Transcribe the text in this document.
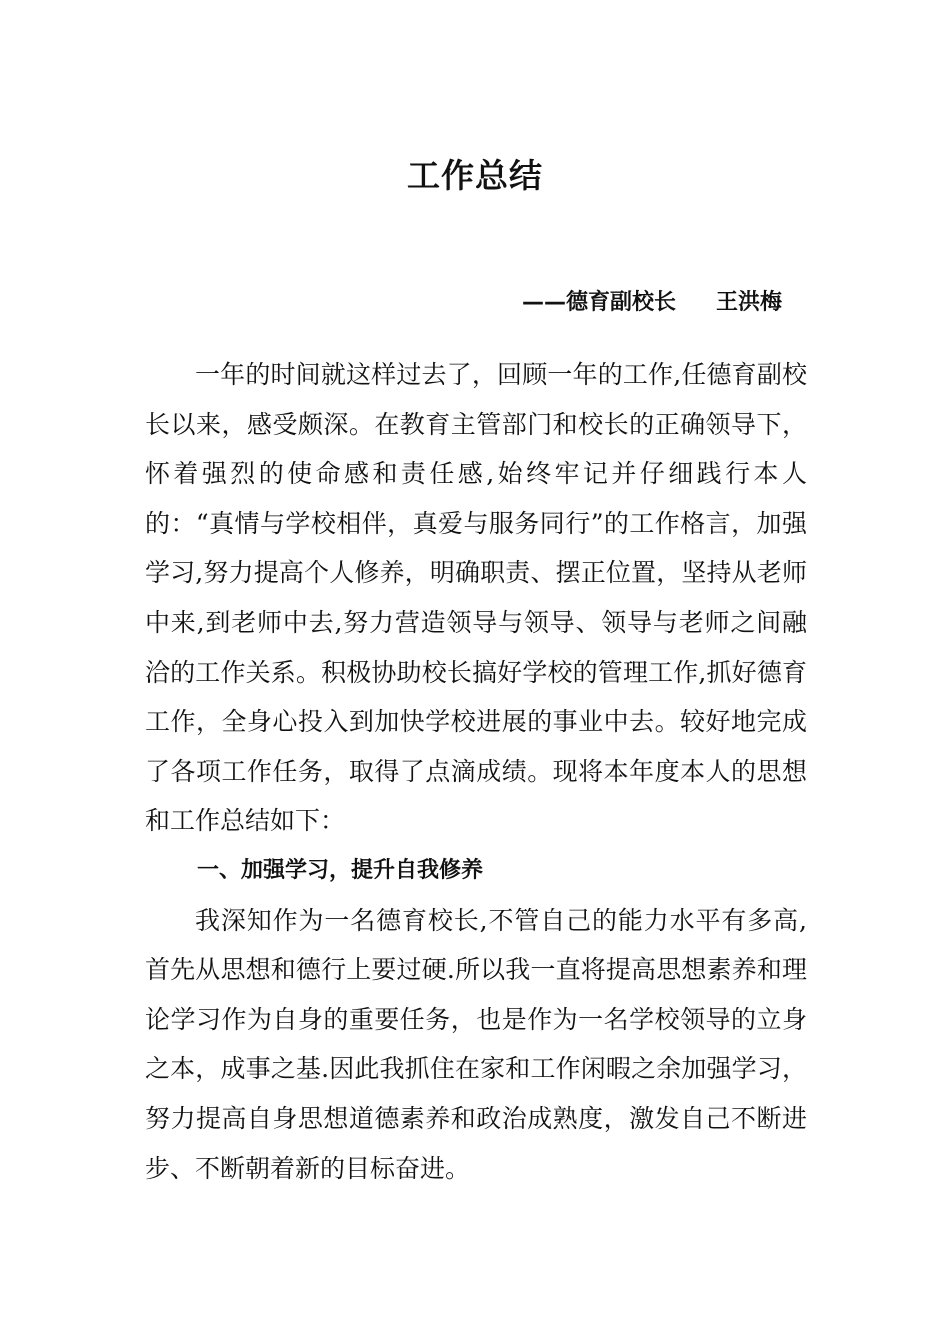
工作总结
——德育副校长 王洪梅

一年的时间就这样过去了，回顾一年的工作,任德育副校长以来，感受颇深。在教育主管部门和校长的正确领导下，怀着强烈的使命感和责任感,始终牢记并仔细践行本人的：“真情与学校相伴，真爱与服务同行”的工作格言，加强学习,努力提高个人修养，明确职责、摆正位置，坚持从老师中来,到老师中去,努力营造领导与领导、领导与老师之间融洽的工作关系。积极协助校长搞好学校的管理工作,抓好德育工作，全身心投入到加快学校进展的事业中去。较好地完成了各项工作任务，取得了点滴成绩。现将本年度本人的思想和工作总结如下：

一、加强学习，提升自我修养

我深知作为一名德育校长,不管自己的能力水平有多高,首先从思想和德行上要过硬.所以我一直将提高思想素养和理论学习作为自身的重要任务，也是作为一名学校领导的立身之本，成事之基.因此我抓住在家和工作闲暇之余加强学习，努力提高自身思想道德素养和政治成熟度，激发自己不断进步、不断朝着新的目标奋进。
